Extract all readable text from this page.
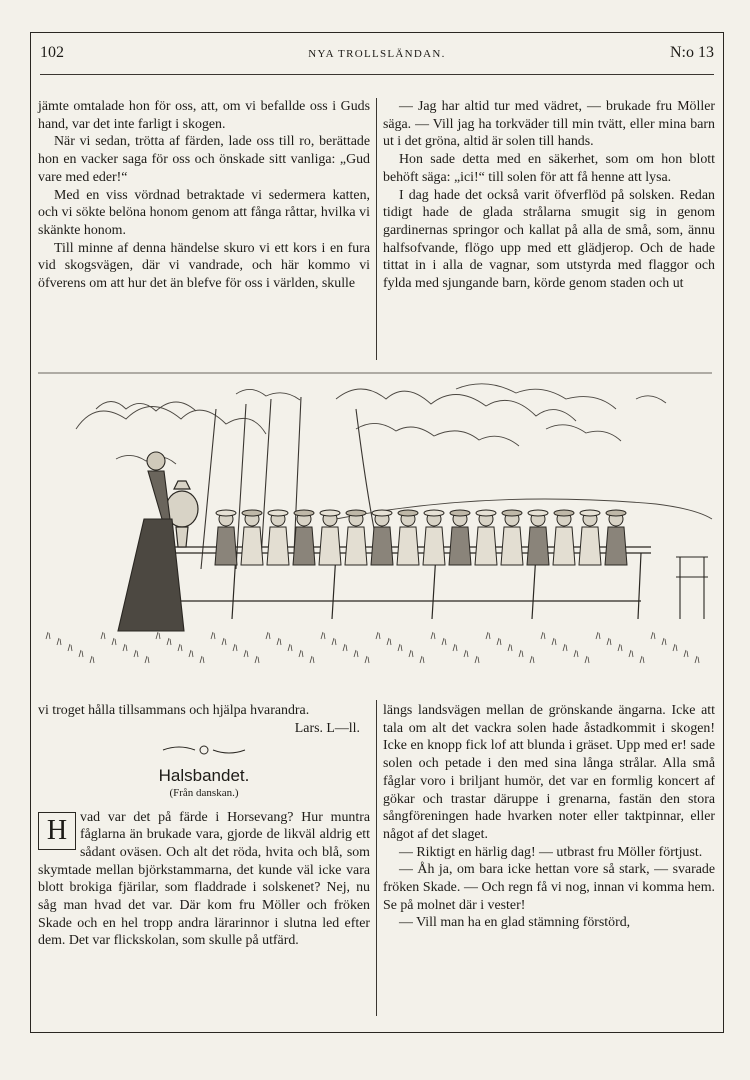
102	NYA TROLLSLÄNDAN.	N:o 13

jämte omtalade hon för oss, att, om vi befallde oss i Guds hand, var det inte farligt i skogen.

När vi sedan, trötta af färden, lade oss till ro, berättade hon en vacker saga för oss och önskade sitt vanliga: „Gud vare med eder!“

Med en viss vördnad betraktade vi sedermera katten, och vi sökte belöna honom genom att fånga råttar, hvilka vi skänkte honom.

Till minne af denna händelse skuro vi ett kors i en fura vid skogsvägen, där vi vandrade, och här kommo vi öfverens om att hur det än blefve för oss i världen, skulle

— Jag har altid tur med vädret, — brukade fru Möller säga. — Vill jag ha torkväder till min tvätt, eller mina barn ut i det gröna, altid är solen till hands.

Hon sade detta med en säkerhet, som om hon blott behöft säga: „ici!“ till solen för att få henne att lysa.

I dag hade det också varit öfverflöd på solsken. Redan tidigt hade de glada strålarna smugit sig in genom gardinernas springor och kallat på alla de små, som, ännu halfsofvande, flögo upp med ett glädjerop. Och de hade tittat in i alla de vagnar, som utstyrda med flaggor och fylda med sjungande barn, körde genom staden och ut

vi troget hålla tillsammans och hjälpa hvarandra.

Lars. L—ll.
Halsbandet.
(Från danskan.)

H vad var det på färde i Horsevang? Hur muntra fåglarna än brukade vara, gjorde de likväl aldrig ett sådant oväsen. Och alt det röda, hvita och blå, som skymtade mellan björkstammarna, det kunde väl icke vara blott brokiga fjärilar, som fladdrade i solskenet? Nej, nu såg man hvad det var. Där kom fru Möller och fröken Skade och en hel tropp andra lärarinnor i slutna led efter dem. Det var flickskolan, som skulle på utfärd.

längs landsvägen mellan de grönskande ängarna. Icke att tala om alt det vackra solen hade åstadkommit i skogen! Icke en knopp fick lof att blunda i gräset. Upp med er! sade solen och petade i den med sina långa strålar. Alla små fåglar voro i briljant humör, det var en formlig koncert af gökar och trastar däruppe i grenarna, fastän den stora sångföreningen hade hvarken noter eller taktpinnar, eller något af det slaget.

— Riktigt en härlig dag! — utbrast fru Möller förtjust.

— Åh ja, om bara icke hettan vore så stark, — svarade fröken Skade. — Och regn få vi nog, innan vi komma hem. Se på molnet där i vester!

— Vill man ha en glad stämning förstörd,
